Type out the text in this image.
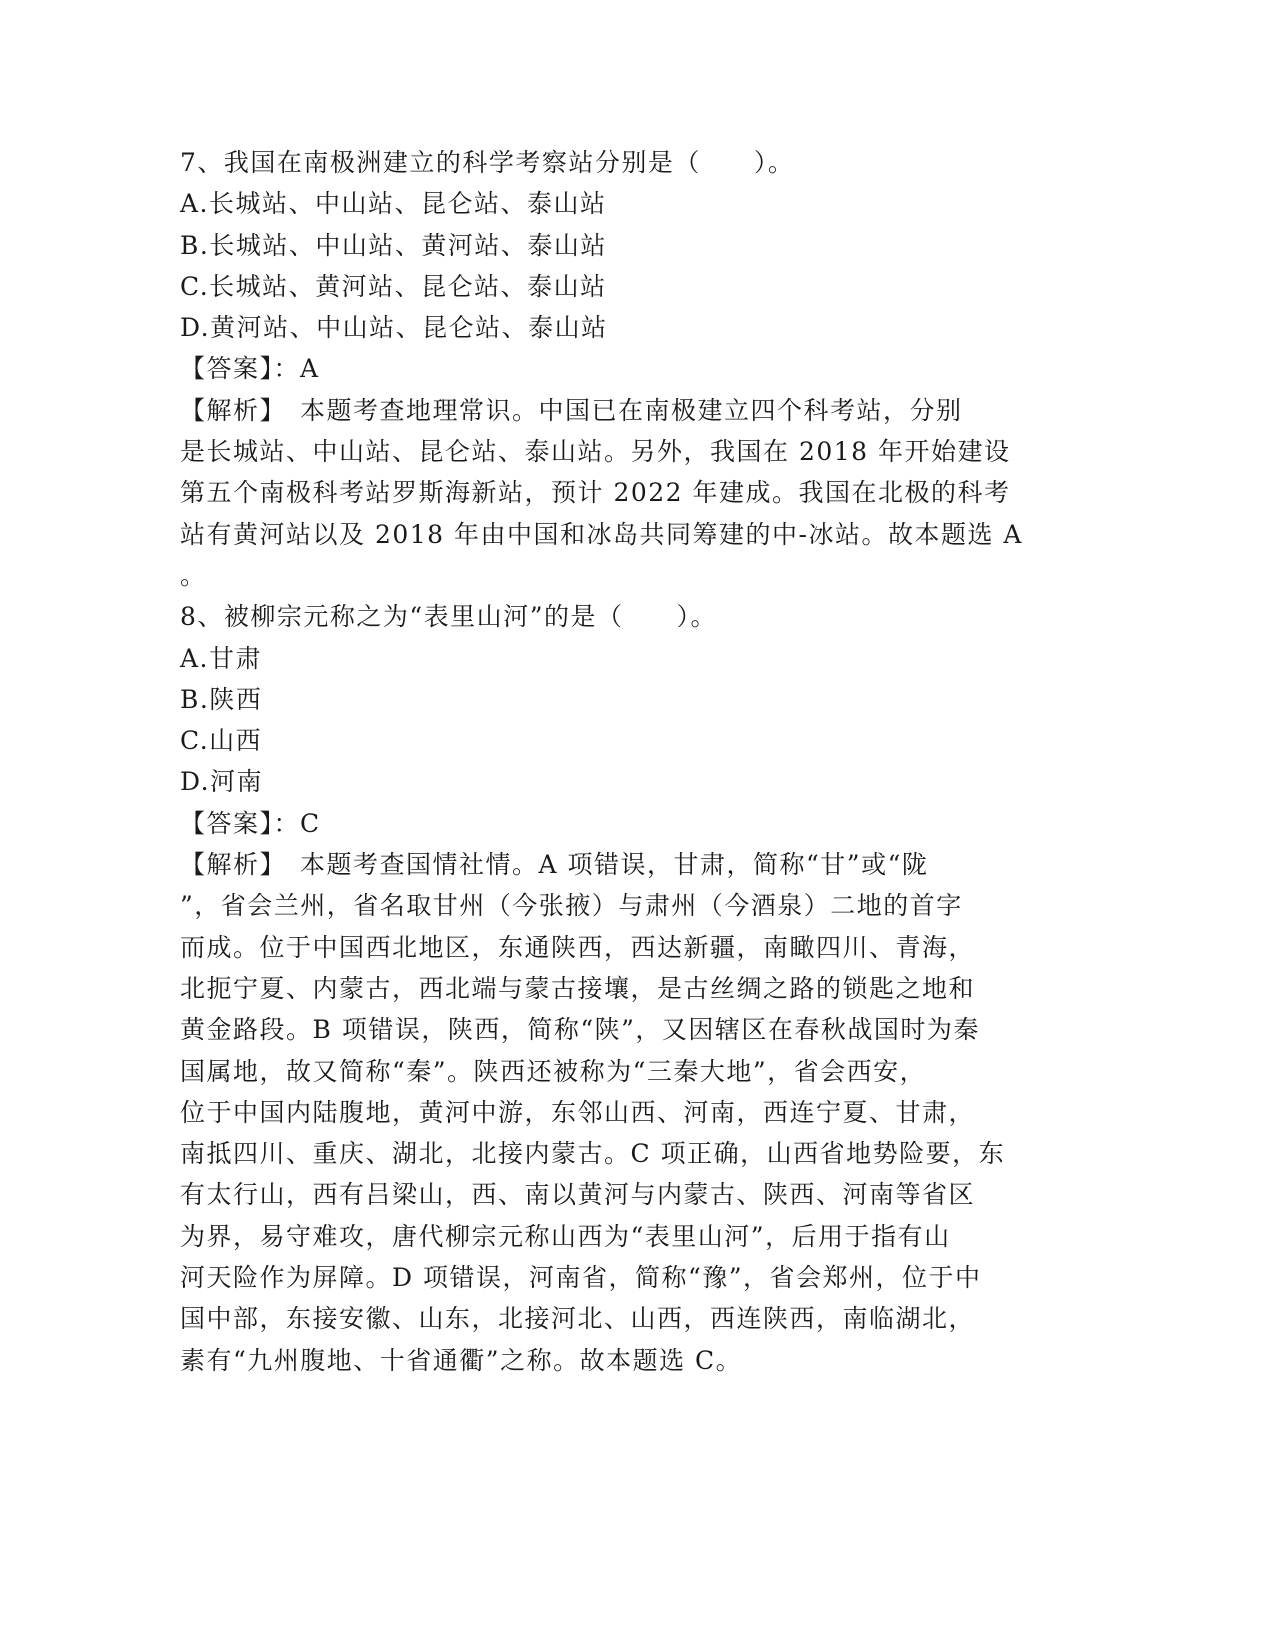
7、我国在南极洲建立的科学考察站分别是（　　）。
A.长城站、中山站、昆仑站、泰山站
B.长城站、中山站、黄河站、泰山站
C.长城站、黄河站、昆仑站、泰山站
D.黄河站、中山站、昆仑站、泰山站
【答案】：A
【解析】　本题考查地理常识。中国已在南极建立四个科考站，分别
是长城站、中山站、昆仑站、泰山站。另外，我国在 2018 年开始建设
第五个南极科考站罗斯海新站，预计 2022 年建成。我国在北极的科考
站有黄河站以及 2018 年由中国和冰岛共同筹建的中-冰站。故本题选 A
。
8、被柳宗元称之为“表里山河”的是（　　）。
A.甘肃
B.陕西
C.山西
D.河南
【答案】：C
【解析】　本题考查国情社情。A 项错误，甘肃，简称“甘”或“陇
”，省会兰州，省名取甘州（今张掖）与肃州（今酒泉）二地的首字
而成。位于中国西北地区，东通陕西，西达新疆，南瞰四川、青海，
北扼宁夏、内蒙古，西北端与蒙古接壤，是古丝绸之路的锁匙之地和
黄金路段。B 项错误，陕西，简称“陕”，又因辖区在春秋战国时为秦
国属地，故又简称“秦”。陕西还被称为“三秦大地”，省会西安，
位于中国内陆腹地，黄河中游，东邻山西、河南，西连宁夏、甘肃，
南抵四川、重庆、湖北，北接内蒙古。C 项正确，山西省地势险要，东
有太行山，西有吕梁山，西、南以黄河与内蒙古、陕西、河南等省区
为界，易守难攻，唐代柳宗元称山西为“表里山河”，后用于指有山
河天险作为屏障。D 项错误，河南省，简称“豫”，省会郑州，位于中
国中部，东接安徽、山东，北接河北、山西，西连陕西，南临湖北，
素有“九州腹地、十省通衢”之称。故本题选 C。
